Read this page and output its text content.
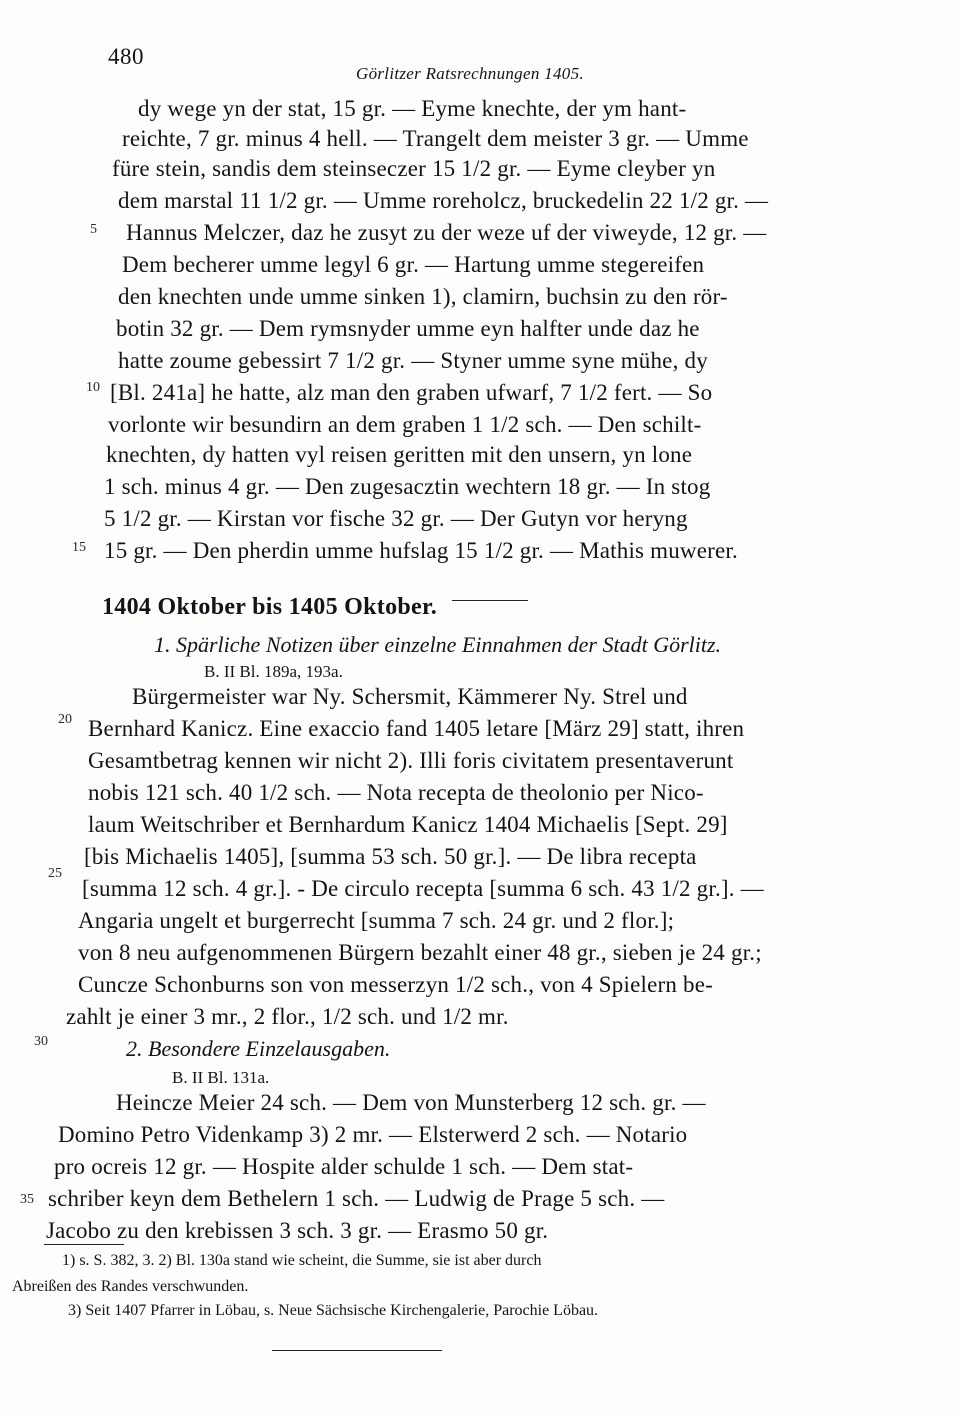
480
Görlitzer Ratsrechnungen 1405.
dy wege yn der stat, 15 gr. — Eyme knechte, der ym hant-
reichte, 7 gr. minus 4 hell. — Trangelt dem meister 3 gr. — Umme
füre stein, sandis dem steinseczer 15 1/2 gr. — Eyme cleyber yn
dem marstal 11 1/2 gr. — Umme roreholcz, bruckedelin 22 1/2 gr. —
Hannus Melczer, daz he zusyt zu der weze uf der viweyde, 12 gr. —
Dem becherer umme legyl 6 gr. — Hartung umme stegereifen
den knechten unde umme sinken 1), clamirn, buchsin zu den rör-
botin 32 gr. — Dem rymsnyder umme eyn halfter unde daz he
hatte zoume gebessirt 7 1/2 gr. — Styner umme syne mühe, dy
[Bl. 241a] he hatte, alz man den graben ufwarf, 7 1/2 fert. — So
vorlonte wir besundirn an dem graben 1 1/2 sch. — Den schilt-
knechten, dy hatten vyl reisen geritten mit den unsern, yn lone
1 sch. minus 4 gr. — Den zugesacztin wechtern 18 gr. — In stog
5 1/2 gr. — Kirstan vor fische 32 gr. — Der Gutyn vor heryng
15 gr. — Den pherdin umme hufslag 15 1/2 gr. — Mathis muwerer.
5
10
15
1404 Oktober bis 1405 Oktober.
1. Spärliche Notizen über einzelne Einnahmen der Stadt Görlitz.
B. II Bl. 189a, 193a.
Bürgermeister war Ny. Schersmit, Kämmerer Ny. Strel und
Bernhard Kanicz. Eine exaccio fand 1405 letare [März 29] statt, ihren
Gesamtbetrag kennen wir nicht 2). Illi foris civitatem presentaverunt
nobis 121 sch. 40 1/2 sch. — Nota recepta de theolonio per Nico-
laum Weitschriber et Bernhardum Kanicz 1404 Michaelis [Sept. 29]
[bis Michaelis 1405], [summa 53 sch. 50 gr.]. — De libra recepta
[summa 12 sch. 4 gr.]. - De circulo recepta [summa 6 sch. 43 1/2 gr.]. —
Angaria ungelt et burgerrecht [summa 7 sch. 24 gr. und 2 flor.];
von 8 neu aufgenommenen Bürgern bezahlt einer 48 gr., sieben je 24 gr.;
Cuncze Schonburns son von messerzyn 1/2 sch., von 4 Spielern be-
zahlt je einer 3 mr., 2 flor., 1/2 sch. und 1/2 mr.
20
25
30	2. Besondere Einzelausgaben.
B. II Bl. 131a.
Heincze Meier 24 sch. — Dem von Munsterberg 12 sch. gr. —
Domino Petro Videnkamp 3) 2 mr. — Elsterwerd 2 sch. — Notario
pro ocreis 12 gr. — Hospite alder schulde 1 sch. — Dem stat-
schriber keyn dem Bethelern 1 sch. — Ludwig de Prage 5 sch. —
Jacobo zu den krebissen 3 sch. 3 gr. — Erasmo 50 gr.
35
1) s. S. 382, 3. 2) Bl. 130a stand wie scheint, die Summe, sie ist aber durch
Abreißen des Randes verschwunden.
3) Seit 1407 Pfarrer in Löbau, s. Neue Sächsische Kirchengalerie, Parochie Löbau.
